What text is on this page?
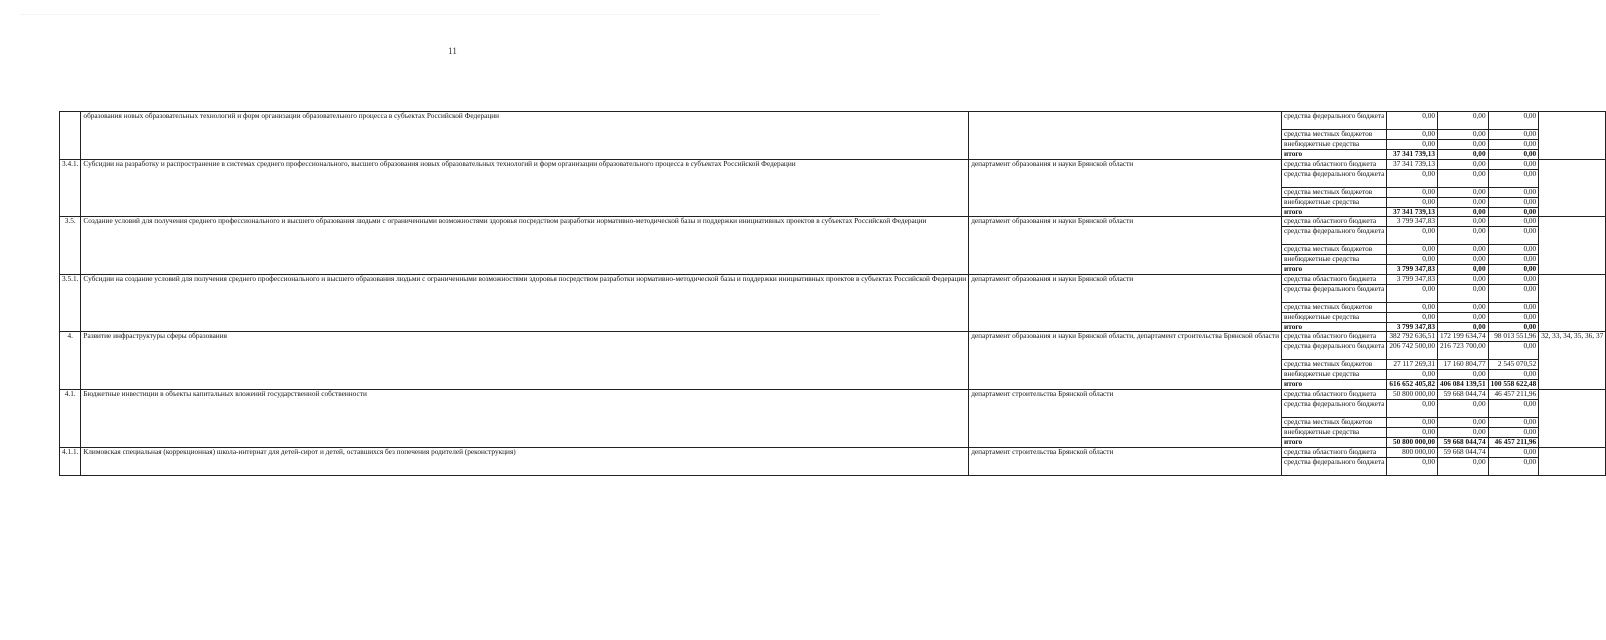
11
	образования новых образовательных технологий и форм организации образовательного процесса в субъектах Российской Федерации		средства федерального бюджета	0,00	0,00	0,00	
			средства местных бюджетов	0,00	0,00	0,00	
			внебюджетные средства	0,00	0,00	0,00	
			итого	37 341 739,13	0,00	0,00	
3.4.1.	Субсидии на разработку и распространение в системах среднего профессионального, высшего образования новых образовательных технологий и форм организации образовательного процесса в субъектах Российской Федерации	департамент образования и науки Брянской области	средства областного бюджета	37 341 739,13	0,00	0,00	
			средства федерального бюджета	0,00	0,00	0,00	
			средства местных бюджетов	0,00	0,00	0,00	
			внебюджетные средства	0,00	0,00	0,00	
			итого	37 341 739,13	0,00	0,00	
3.5.	Создание условий для получения среднего профессионального и высшего образования людьми с ограниченными возможностями здоровья посредством разработки нормативно-методической базы и поддержки инициативных проектов в субъектах Российской Федерации	департамент образования и науки Брянской области	средства областного бюджета	3 799 347,83	0,00	0,00	
			средства федерального бюджета	0,00	0,00	0,00	
			средства местных бюджетов	0,00	0,00	0,00	
			внебюджетные средства	0,00	0,00	0,00	
			итого	3 799 347,83	0,00	0,00	
3.5.1.	Субсидии на создание условий для получения среднего профессионального и высшего образования людьми с ограниченными возможностями здоровья посредством разработки нормативно-методической базы и поддержки инициативных проектов в субъектах Российской Федерации	департамент образования и науки Брянской области	средства областного бюджета	3 799 347,83	0,00	0,00	
			средства федерального бюджета	0,00	0,00	0,00	
			средства местных бюджетов	0,00	0,00	0,00	
			внебюджетные средства	0,00	0,00	0,00	
			итого	3 799 347,83	0,00	0,00	
4.	Развитие инфраструктуры сферы образования	департамент образования и науки Брянской области, департамент строительства Брянской области	средства областного бюджета	382 792 636,51	172 199 634,74	98 013 551,96	32, 33, 34, 35, 36, 37
			средства федерального бюджета	206 742 500,00	216 723 700,00	0,00	
			средства местных бюджетов	27 117 269,31	17 160 804,77	2 545 070,52	
			внебюджетные средства	0,00	0,00	0,00	
			итого	616 652 405,82	406 084 139,51	100 558 622,48	
4.1.	Бюджетные инвестиции в объекты капитальных вложений государственной собственности	департамент строительства Брянской области	средства областного бюджета	50 800 000,00	59 668 044,74	46 457 211,96	
			средства федерального бюджета	0,00	0,00	0,00	
			средства местных бюджетов	0,00	0,00	0,00	
			внебюджетные средства	0,00	0,00	0,00	
			итого	50 800 000,00	59 668 044,74	46 457 211,96	
4.1.1.	Климовская специальная (коррекционная) школа-интернат для детей-сирот и детей, оставшихся без попечения родителей (реконструкция)	департамент строительства Брянской области	средства областного бюджета	800 000,00	59 668 044,74	0,00	
			средства федерального бюджета	0,00	0,00	0,00	
